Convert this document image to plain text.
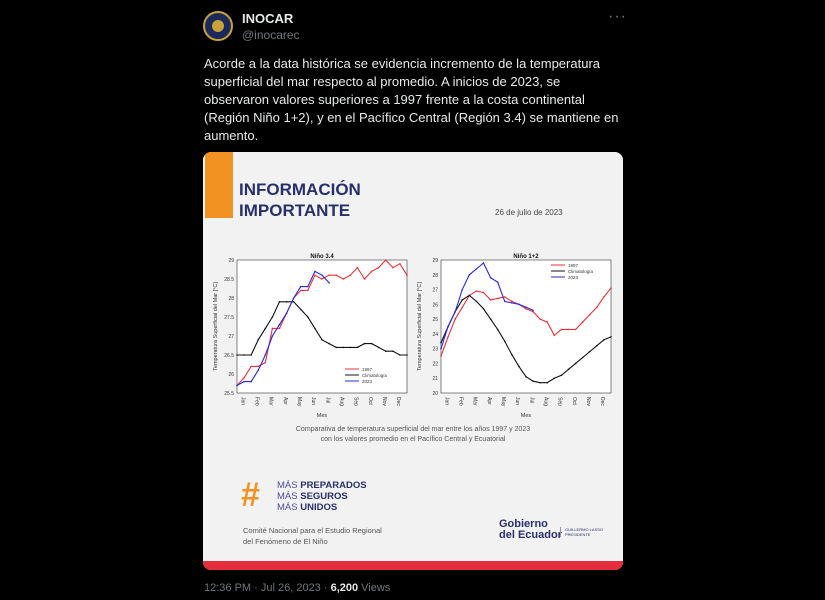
INOCAR
@inocarec
···
Acorde a la data histórica se evidencia incremento de la temperatura superficial del mar respecto al promedio. A inicios de 2023, se observaron valores superiores a 1997 frente a la costa continental (Región Niño 1+2), y en el Pacífico Central (Región 3.4) se mantiene en aumento.
INFORMACIÓN
IMPORTANTE	26 de julio de 2023
Niño 3.4
25.5
26
26.5
27
27.5
28
28.5
29
Jan Feb Mar Apr May Jun Jul Aug Sep Oct Nov Dec
Mes
Temperatura Superficial del Mar [°C]	1997
Climatología
2023
Niño 1+2
20
21
22
23
24
25
26
27
28
29
Jan Feb Mar Apr May Jun Jul Aug Sep Oct Nov Dec
Mes
Temperatura Superficial del Mar [°C]
1997
Climatología
2023
Comparativa de temperatura superficial del mar entre los años 1997 y 2023
con los valores promedio en el Pacífico Central y Ecuatorial
# MÁS PREPARADOS
MÁS SEGUROS
MÁS UNIDOS
Comité Nacional para el Estudio Regional
del Fenómeno de El Niño
Gobierno
del Ecuador GUILLERMO LASSO PRESIDENTE
12:36 PM · Jul 26, 2023 · 6,200 Views
